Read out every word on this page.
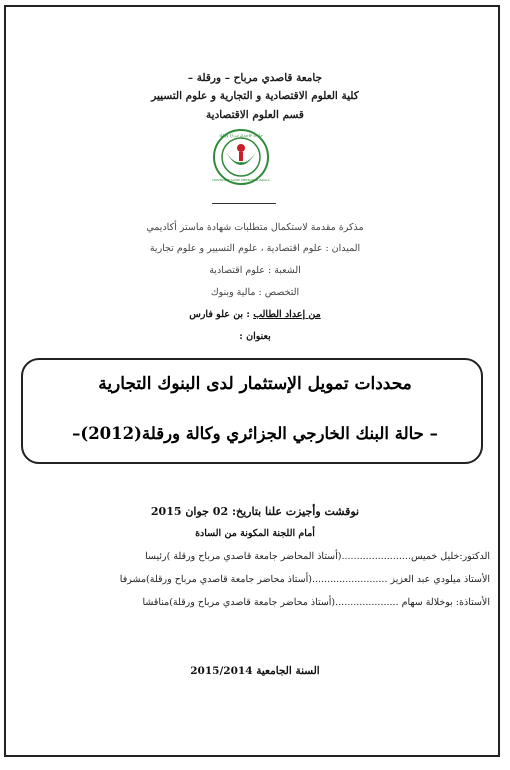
جامعة قاصدي مرباح – ورقلة –
كلية العلوم الاقتصادية و التجارية و علوم التسيير
قسم العلوم الاقتصادية
جامعة قاصدي مرباح ورقلة
UNIVERSITE KASDI MERBAH OUARGLA
مذكرة مقدمة لاستكمال متطلبات شهادة ماستر أكاديمي
الميدان : علوم اقتصادية ، علوم التسيير و علوم تجارية
الشعبة : علوم اقتصادية
التخصص : مالية وبنوك
من إعداد الطالب : بن علو فارس
بعنوان :
محددات تمويل الإستثمار لدى البنوك التجارية
– حالة البنك الخارجي الجزائري وكالة ورقلة(2012)–
نوقشت وأجيزت علنا بتاريخ: 02 جوان 2015
أمام اللجنة المكونة من السادة
الدكتور:خليل خميس.......................(أستاذ المحاضر جامعة قاصدي مرباح ورقلة )رئيسا
الأستاذ ميلودي عبد العزيز .........................(أستاذ محاضر جامعة قاصدي مرباح ورقلة)مشرفا
الأستاذة: بوخلالة سهام .....................(أستاذ محاضر جامعة قاصدي مرباح ورقلة)مناقشا
السنة الجامعية 2015/2014
